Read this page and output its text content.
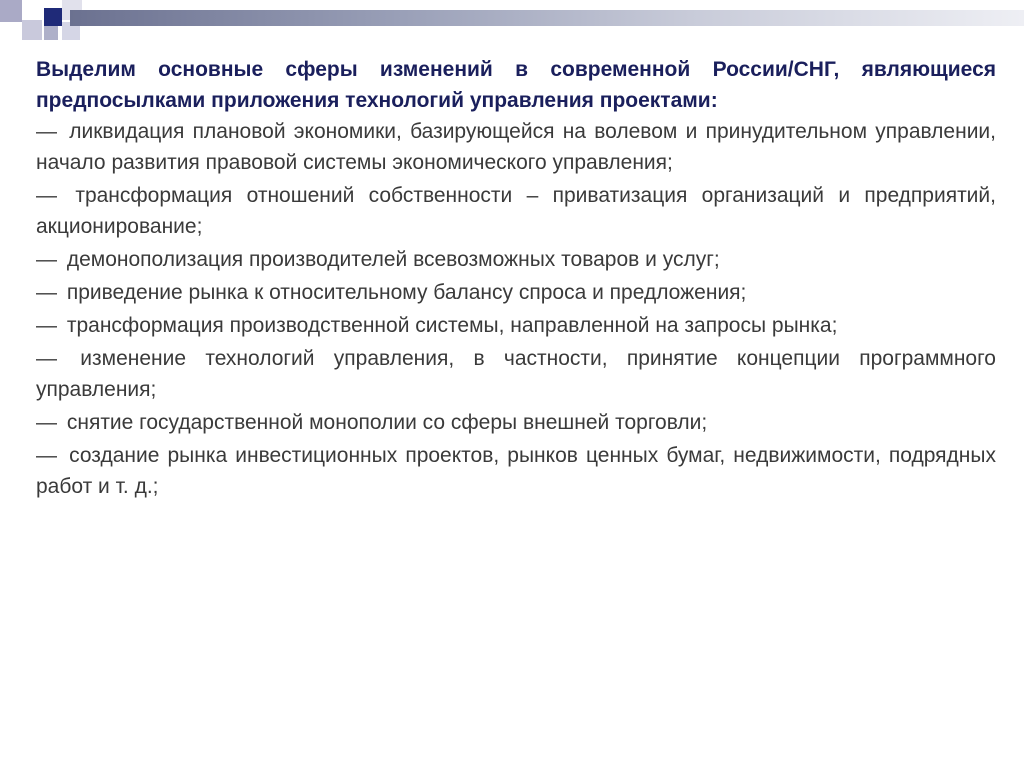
Выделим основные сферы изменений в современной России/СНГ, являющиеся предпосылками приложения технологий управления проектами:

— ликвидация плановой экономики, базирующейся на волевом и принудительном управлении, начало развития правовой системы экономического управления;
— трансформация отношений собственности – приватизация организаций и предприятий, акционирование;
— демонополизация производителей всевозможных товаров и услуг;
— приведение рынка к относительному балансу спроса и предложения;
— трансформация производственной системы, направленной на запросы рынка;
— изменение технологий управления, в частности, принятие концепции программного управления;
— снятие государственной монополии со сферы внешней торговли;
— создание рынка инвестиционных проектов, рынков ценных бумаг, недвижимости, подрядных работ и т. д.;
